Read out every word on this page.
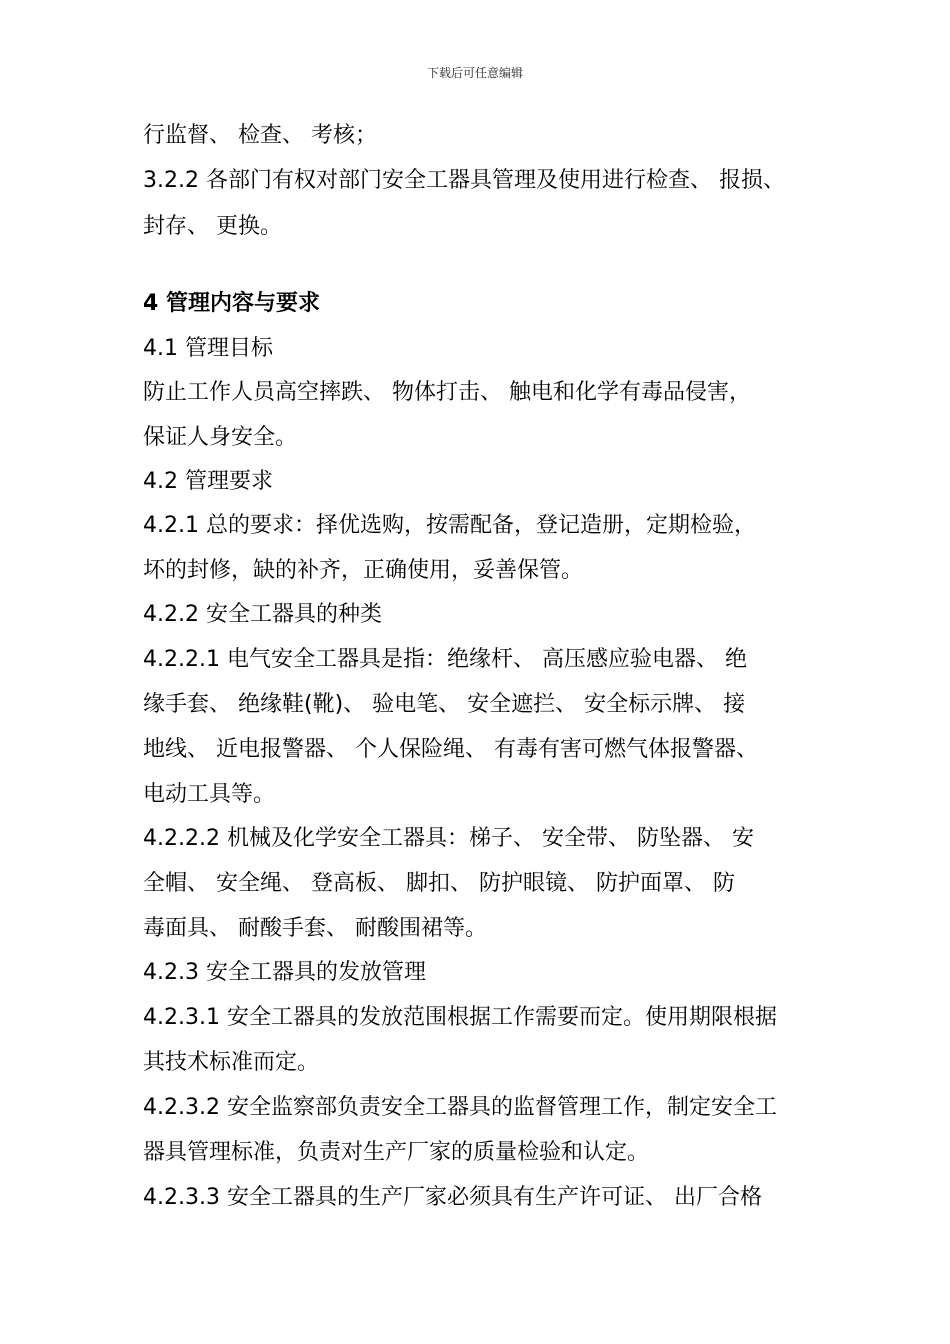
下载后可任意编辑
行监督、 检查、 考核；
3.2.2 各部门有权对部门安全工器具管理及使用进行检查、 报损、
封存、 更换。
4 管理内容与要求
4.1 管理目标
防止工作人员高空摔跌、 物体打击、 触电和化学有毒品侵害，
保证人身安全。
4.2 管理要求
4.2.1 总的要求：择优选购，按需配备，登记造册，定期检验，
坏的封修，缺的补齐，正确使用，妥善保管。
4.2.2 安全工器具的种类
4.2.2.1 电气安全工器具是指：绝缘杆、 高压感应验电器、 绝
缘手套、 绝缘鞋(靴)、 验电笔、 安全遮拦、 安全标示牌、 接
地线、 近电报警器、 个人保险绳、 有毒有害可燃气体报警器、
电动工具等。
4.2.2.2 机械及化学安全工器具：梯子、 安全带、 防坠器、 安
全帽、 安全绳、 登高板、 脚扣、 防护眼镜、 防护面罩、 防
毒面具、 耐酸手套、 耐酸围裙等。
4.2.3 安全工器具的发放管理
4.2.3.1 安全工器具的发放范围根据工作需要而定。使用期限根据
其技术标准而定。
4.2.3.2 安全监察部负责安全工器具的监督管理工作，制定安全工
器具管理标准，负责对生产厂家的质量检验和认定。
4.2.3.3 安全工器具的生产厂家必须具有生产许可证、 出厂合格
